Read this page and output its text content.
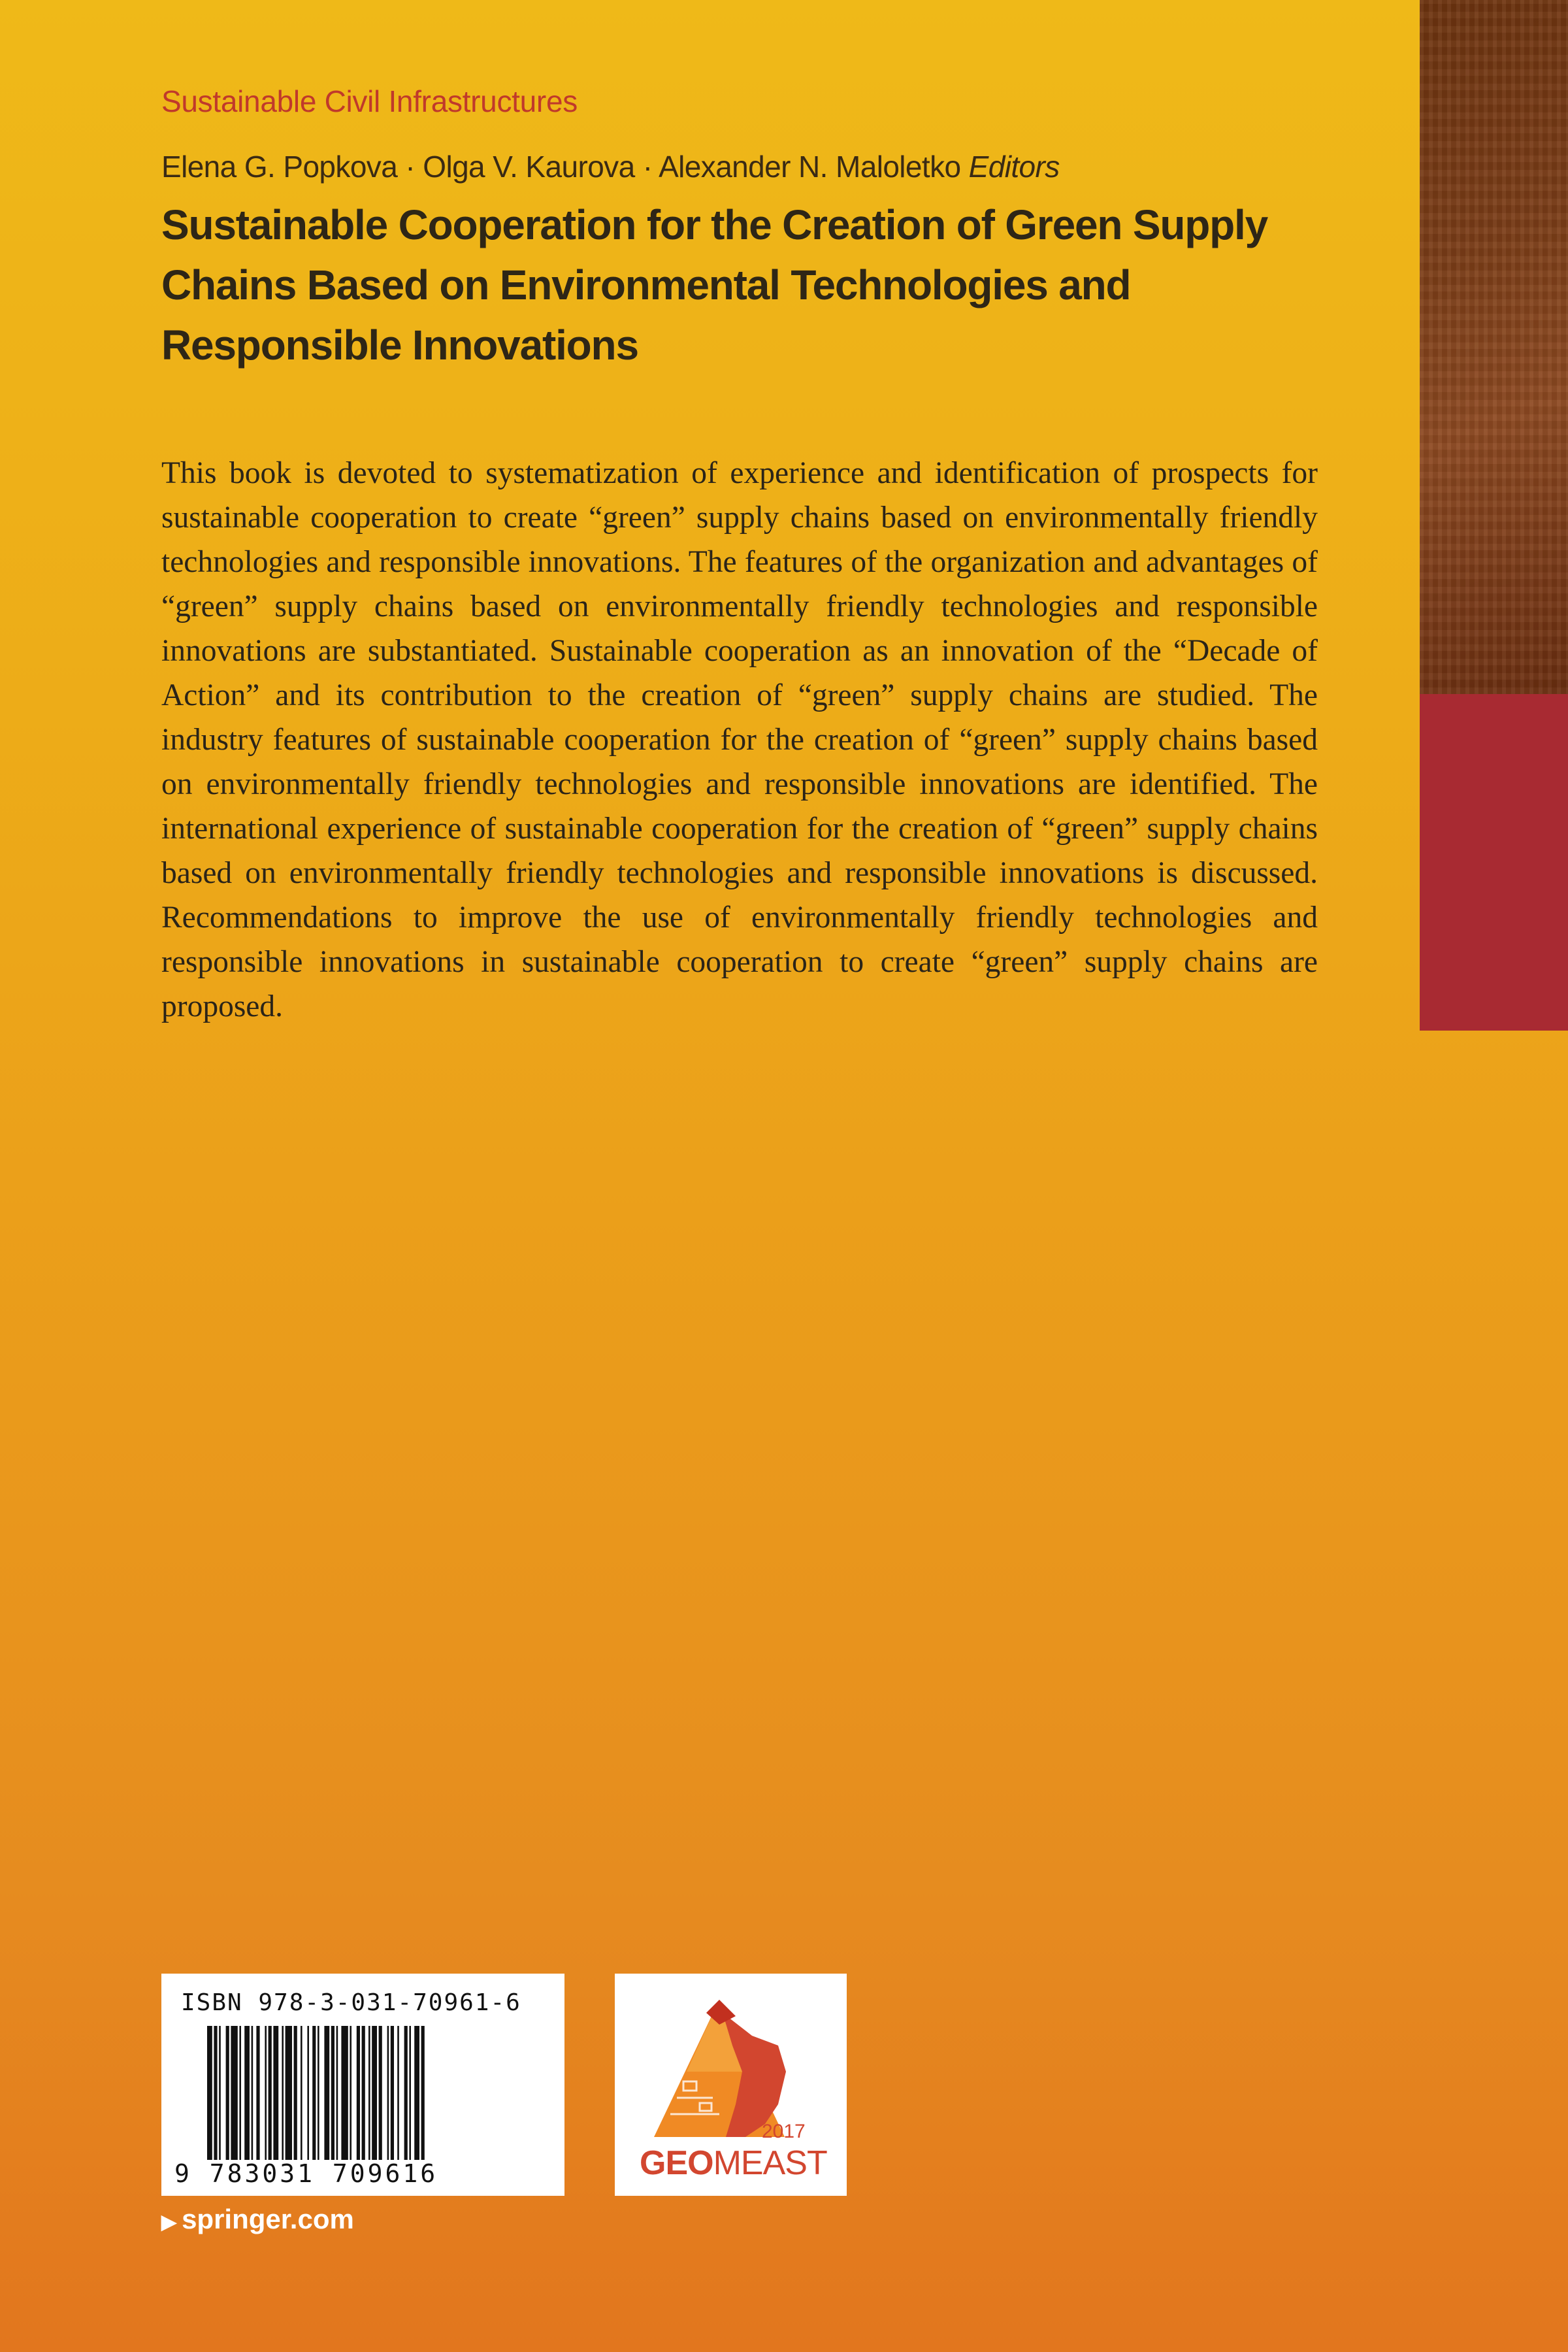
Sustainable Civil Infrastructures
Elena G. Popkova · Olga V. Kaurova · Alexander N. Maloletko Editors
Sustainable Cooperation for the Creation of Green Supply Chains Based on Environmental Technologies and Responsible Innovations

This book is devoted to systematization of experience and identification of prospects for sustainable cooperation to create “green” supply chains based on environmentally friendly technologies and responsible innovations. The features of the organization and advantages of “green” supply chains based on environmentally friendly technologies and responsible innovations are substantiated. Sustainable cooperation as an innovation of the “Decade of Action” and its contribution to the creation of “green” supply chains are studied. The industry features of sustainable cooperation for the creation of “green” supply chains based on environmentally friendly technologies and responsible innovations are identified. The international experience of sustainable cooperation for the creation of “green” supply chains based on environmentally friendly technologies and responsible innovations is discussed. Recommendations to improve the use of environmentally friendly technologies and responsible innovations in sustainable cooperation to create “green” supply chains are proposed.

ISBN 978-3-031-70961-6
9 783031 709616
2017
GEOMEAST
▶ springer.com
